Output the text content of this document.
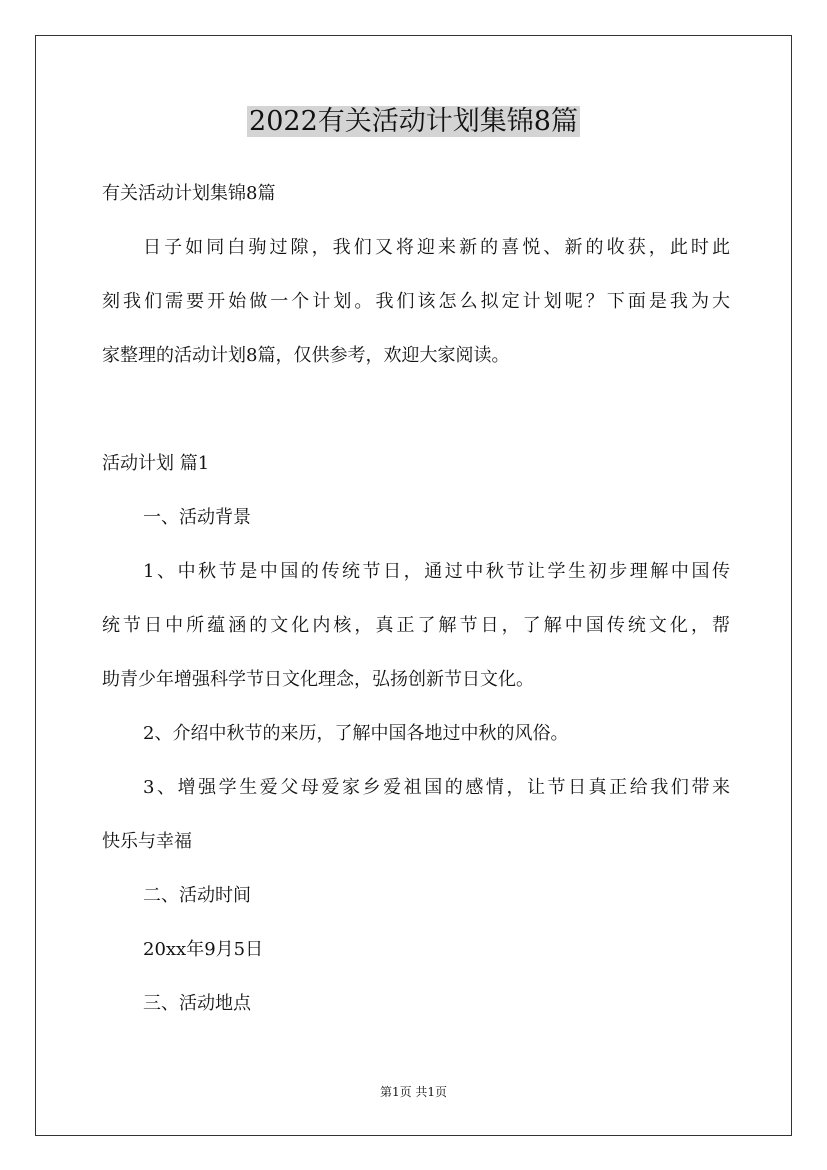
2022有关活动计划集锦8篇

有关活动计划集锦8篇

日子如同白驹过隙，我们又将迎来新的喜悦、新的收获，此时此

刻我们需要开始做一个计划。我们该怎么拟定计划呢？下面是我为大

家整理的活动计划8篇，仅供参考，欢迎大家阅读。

活动计划 篇1

一、活动背景

1、中秋节是中国的传统节日，通过中秋节让学生初步理解中国传

统节日中所蕴涵的文化内核，真正了解节日，了解中国传统文化，帮

助青少年增强科学节日文化理念，弘扬创新节日文化。

2、介绍中秋节的来历，了解中国各地过中秋的风俗。

3、增强学生爱父母爱家乡爱祖国的感情，让节日真正给我们带来

快乐与幸福

二、活动时间

20xx年9月5日

三、活动地点

第1页 共1页
